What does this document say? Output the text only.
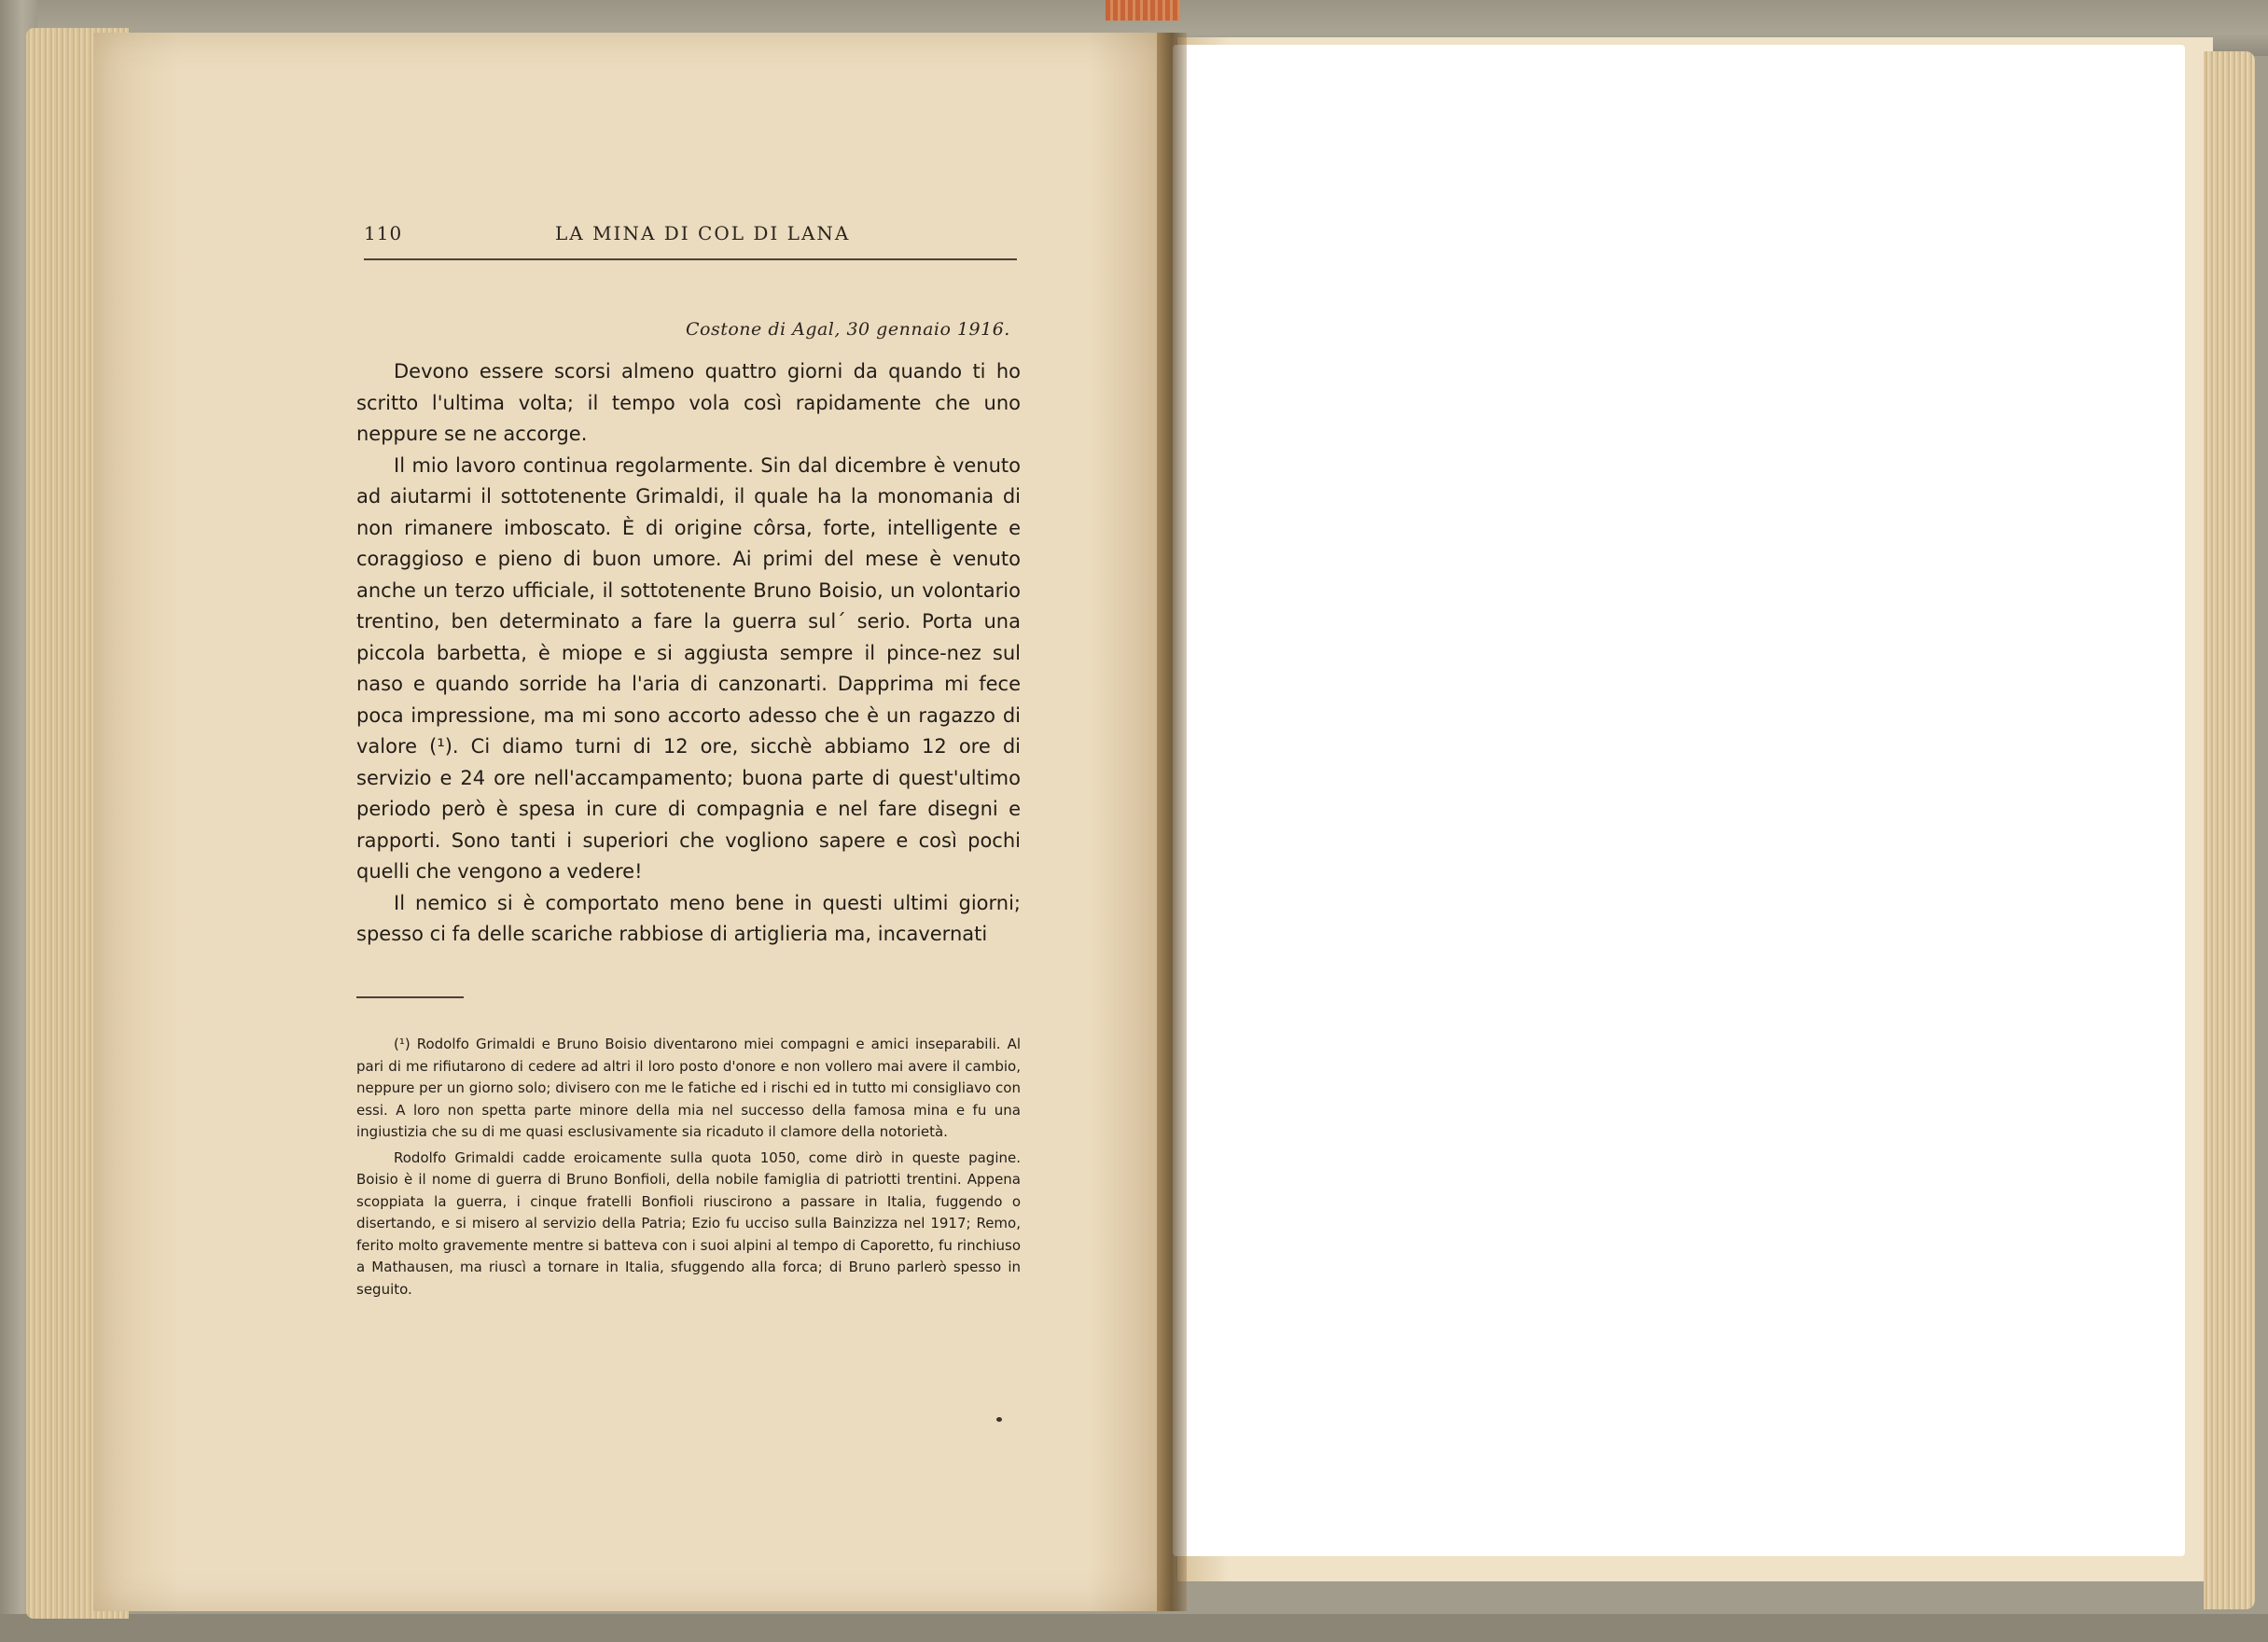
110	LA MINA DI COL DI LANA
Costone di Agal, 30 gennaio 1916.

Devono essere scorsi almeno quattro giorni da quando ti ho scritto l'ultima volta; il tempo vola così rapidamente che uno neppure se ne accorge.

Il mio lavoro continua regolarmente. Sin dal dicembre è venuto ad aiutarmi il sottotenente Grimaldi, il quale ha la monomania di non rimanere imboscato. È di origine côrsa, forte, intelligente e coraggioso e pieno di buon umore. Ai primi del mese è venuto anche un terzo ufficiale, il sottotenente Bruno Boisio, un volontario trentino, ben determinato a fare la guerra sul´ serio. Porta una piccola barbetta, è miope e si aggiusta sempre il pince-nez sul naso e quando sorride ha l'aria di canzonarti. Dapprima mi fece poca impressione, ma mi sono accorto adesso che è un ragazzo di valore (¹). Ci diamo turni di 12 ore, sicchè abbiamo 12 ore di servizio e 24 ore nell'accampamento; buona parte di quest'ultimo periodo però è spesa in cure di compagnia e nel fare disegni e rapporti. Sono tanti i superiori che vogliono sapere e così pochi quelli che vengono a vedere!

Il nemico si è comportato meno bene in questi ultimi giorni; spesso ci fa delle scariche rabbiose di artiglieria ma, incavernati

(¹) Rodolfo Grimaldi e Bruno Boisio diventarono miei compagni e amici inseparabili. Al pari di me rifiutarono di cedere ad altri il loro posto d'onore e non vollero mai avere il cambio, neppure per un giorno solo; divisero con me le fatiche ed i rischi ed in tutto mi consigliavo con essi. A loro non spetta parte minore della mia nel successo della famosa mina e fu una ingiustizia che su di me quasi esclusivamente sia ricaduto il clamore della notorietà.

Rodolfo Grimaldi cadde eroicamente sulla quota 1050, come dirò in queste pagine. Boisio è il nome di guerra di Bruno Bonfioli, della nobile famiglia di patriotti trentini. Appena scoppiata la guerra, i cinque fratelli Bonfioli riuscirono a passare in Italia, fuggendo o disertando, e si misero al servizio della Patria; Ezio fu ucciso sulla Bainzizza nel 1917; Remo, ferito molto gravemente mentre si batteva con i suoi alpini al tempo di Caporetto, fu rinchiuso a Mathausen, ma riuscì a tornare in Italia, sfuggendo alla forca; di Bruno parlerò spesso in seguito.
